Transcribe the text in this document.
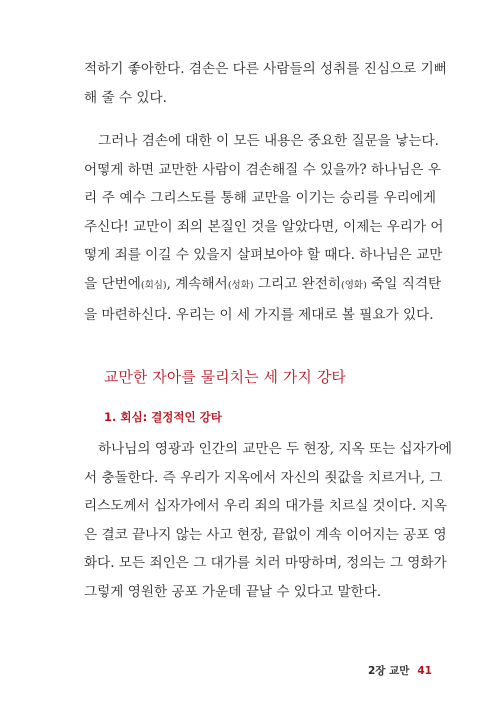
적하기 좋아한다. 겸손은 다른 사람들의 성취를 진심으로 기뻐
해 줄 수 있다.
그러나 겸손에 대한 이 모든 내용은 중요한 질문을 낳는다.
어떻게 하면 교만한 사람이 겸손해질 수 있을까? 하나님은 우
리 주 예수 그리스도를 통해 교만을 이기는 승리를 우리에게
주신다! 교만이 죄의 본질인 것을 알았다면, 이제는 우리가 어
떻게 죄를 이길 수 있을지 살펴보아야 할 때다. 하나님은 교만
을 단번에(회심), 계속해서(성화) 그리고 완전히(영화) 죽일 직격탄
을 마련하신다. 우리는 이 세 가지를 제대로 볼 필요가 있다.
교만한 자아를 물리치는 세 가지 강타
1. 회심: 결정적인 강타
하나님의 영광과 인간의 교만은 두 현장, 지옥 또는 십자가에
서 충돌한다. 즉 우리가 지옥에서 자신의 죗값을 치르거나, 그
리스도께서 십자가에서 우리 죄의 대가를 치르실 것이다. 지옥
은 결코 끝나지 않는 사고 현장, 끝없이 계속 이어지는 공포 영
화다. 모든 죄인은 그 대가를 치러 마땅하며, 정의는 그 영화가
그렇게 영원한 공포 가운데 끝날 수 있다고 말한다.
2장 교만 41
